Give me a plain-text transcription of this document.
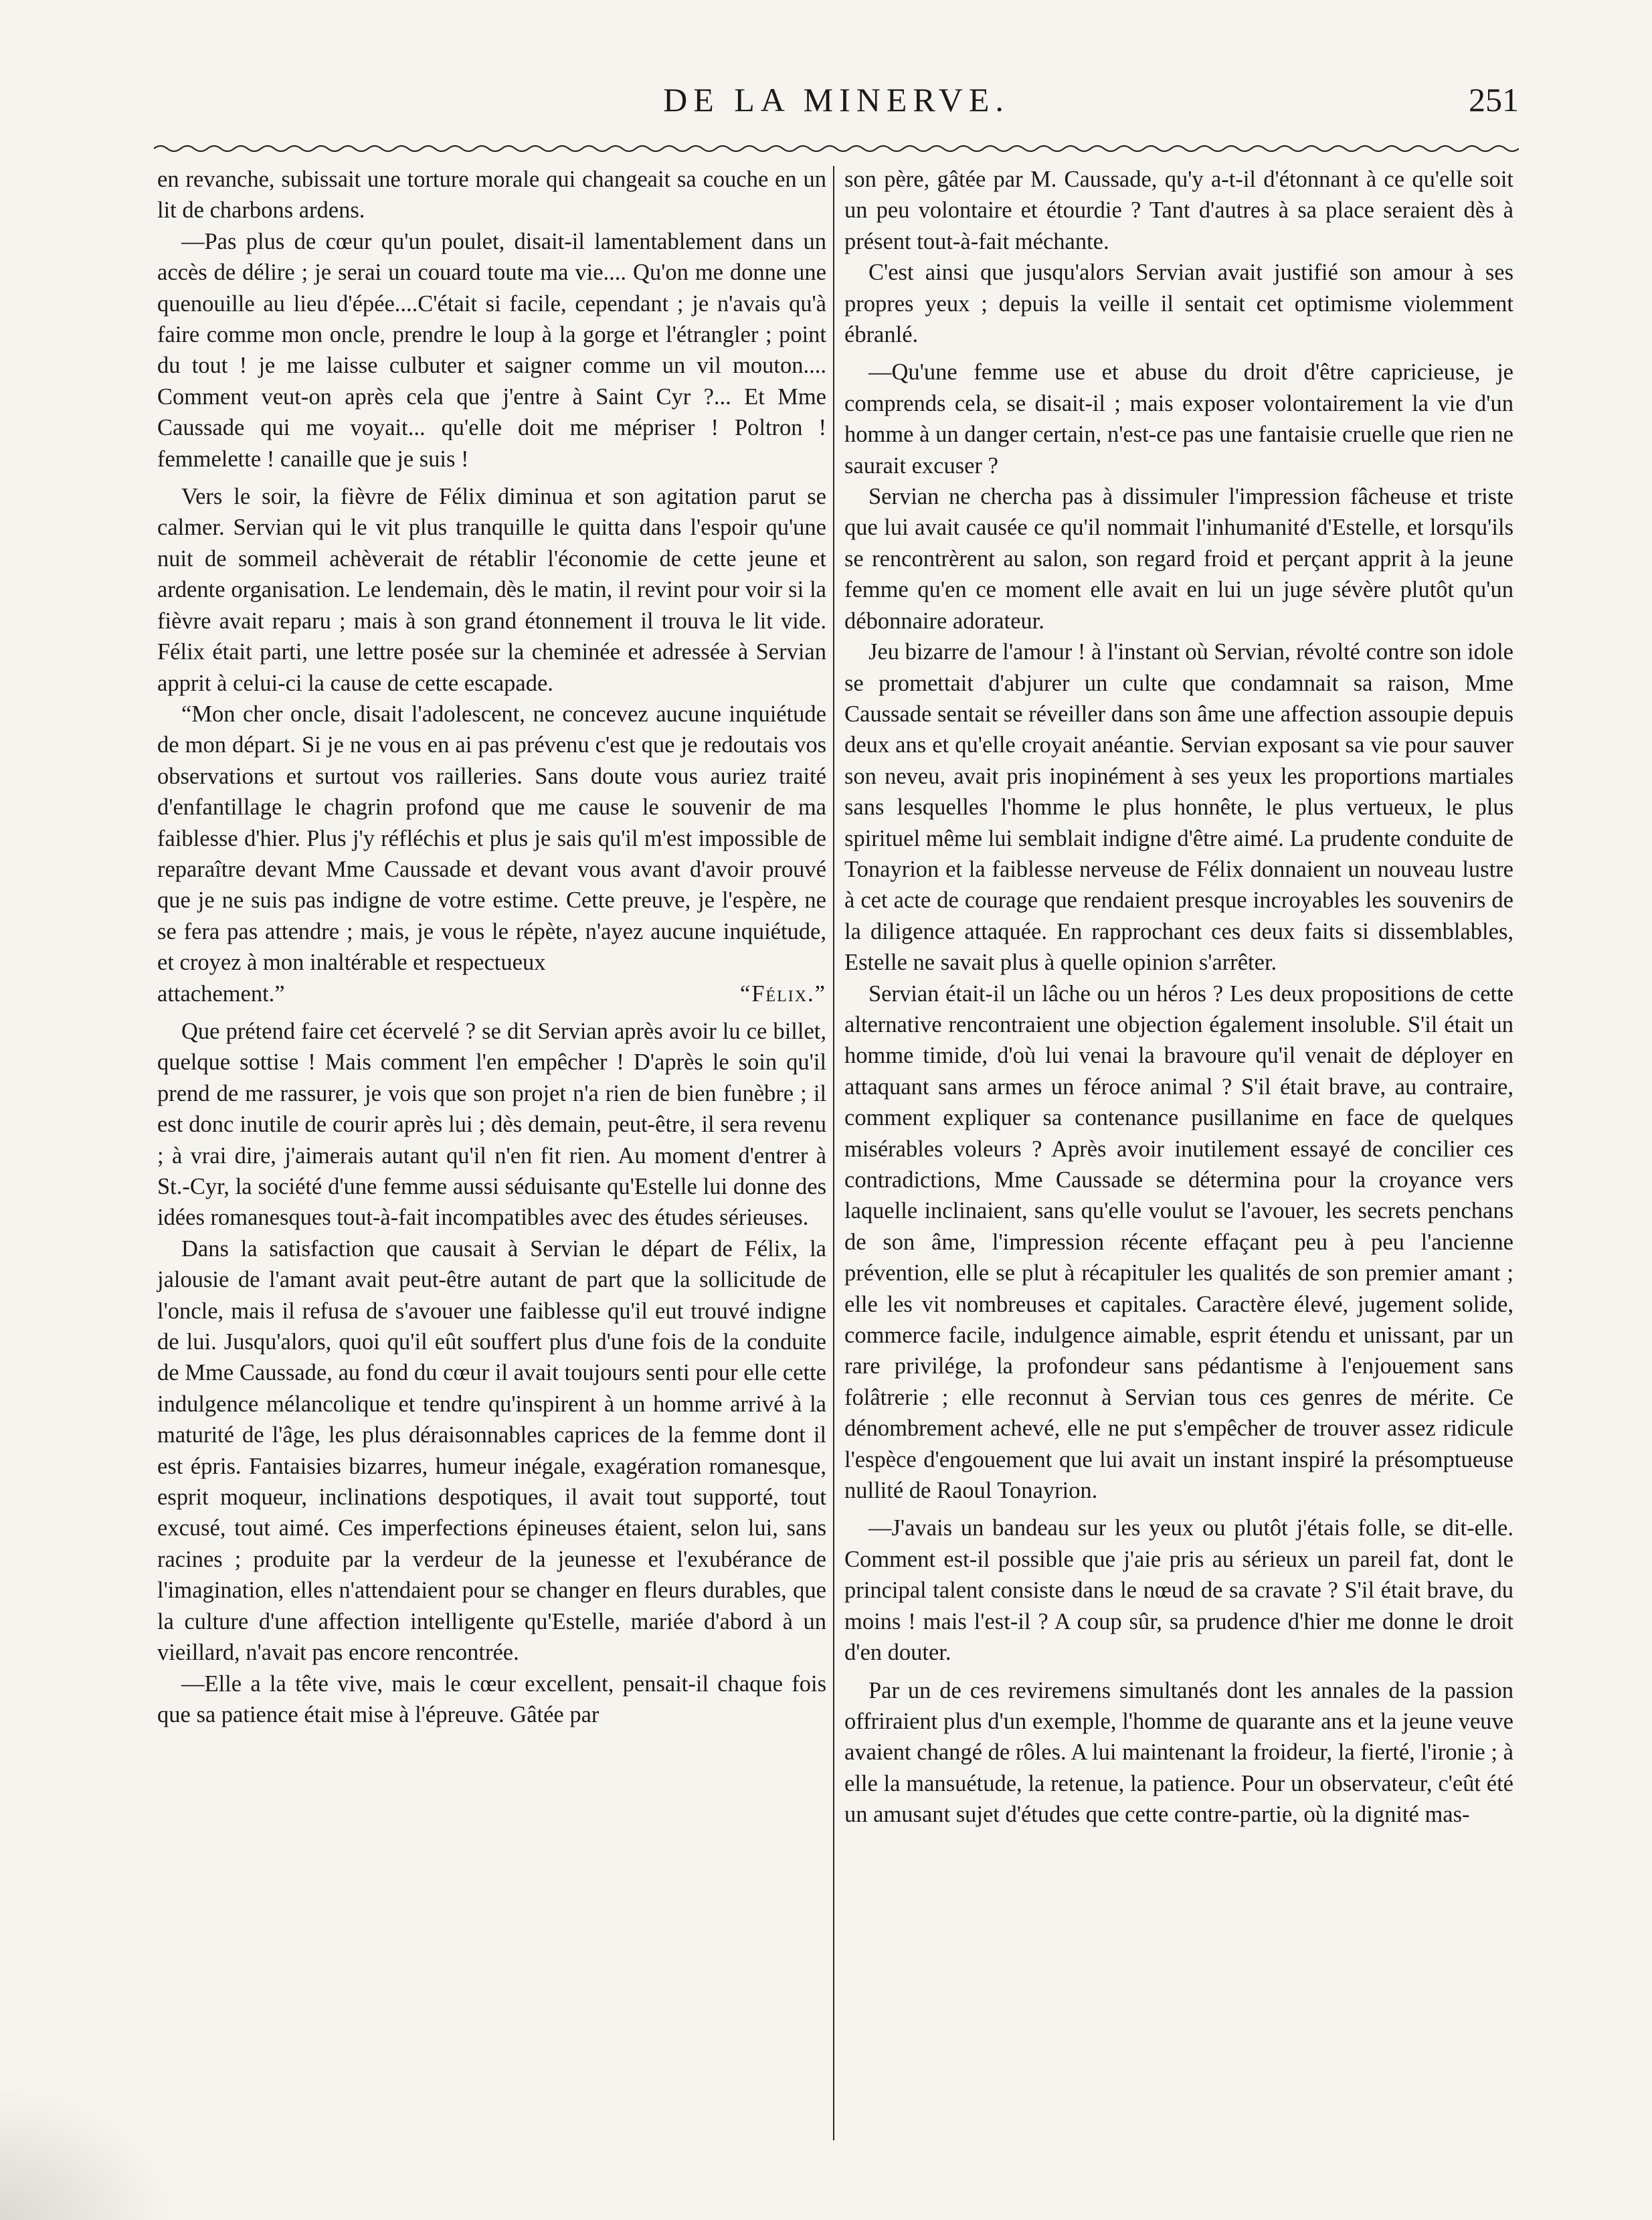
DE LA MINERVE.	251

en revanche, subissait une torture morale qui changeait sa couche en un lit de charbons ardens.

—Pas plus de cœur qu'un poulet, disait-il lamentablement dans un accès de délire ; je serai un couard toute ma vie.... Qu'on me donne une quenouille au lieu d'épée....C'était si facile, cependant ; je n'avais qu'à faire comme mon oncle, prendre le loup à la gorge et l'étrangler ; point du tout ! je me laisse culbuter et saigner comme un vil mouton.... Comment veut-on après cela que j'entre à Saint Cyr ?... Et Mme Caussade qui me voyait... qu'elle doit me mépriser ! Poltron ! femmelette ! canaille que je suis !

Vers le soir, la fièvre de Félix diminua et son agitation parut se calmer. Servian qui le vit plus tranquille le quitta dans l'espoir qu'une nuit de sommeil achèverait de rétablir l'économie de cette jeune et ardente organisation. Le lendemain, dès le matin, il revint pour voir si la fièvre avait reparu ; mais à son grand étonnement il trouva le lit vide. Félix était parti, une lettre posée sur la cheminée et adressée à Servian apprit à celui-ci la cause de cette escapade.

“Mon cher oncle, disait l'adolescent, ne concevez aucune inquiétude de mon départ. Si je ne vous en ai pas prévenu c'est que je redoutais vos observations et surtout vos railleries. Sans doute vous auriez traité d'enfantillage le chagrin profond que me cause le souvenir de ma faiblesse d'hier. Plus j'y réfléchis et plus je sais qu'il m'est impossible de reparaître devant Mme Caussade et devant vous avant d'avoir prouvé que je ne suis pas indigne de votre estime. Cette preuve, je l'espère, ne se fera pas attendre ; mais, je vous le répète, n'ayez aucune inquiétude, et croyez à mon inaltérable et respectueux

attachement.”	“Félix.”

Que prétend faire cet écervelé ? se dit Servian après avoir lu ce billet, quelque sottise ! Mais comment l'en empêcher ! D'après le soin qu'il prend de me rassurer, je vois que son projet n'a rien de bien funèbre ; il est donc inutile de courir après lui ; dès demain, peut-être, il sera revenu ; à vrai dire, j'aimerais autant qu'il n'en fit rien. Au moment d'entrer à St.-Cyr, la société d'une femme aussi séduisante qu'Estelle lui donne des idées romanesques tout-à-fait incompatibles avec des études sérieuses.

Dans la satisfaction que causait à Servian le départ de Félix, la jalousie de l'amant avait peut-être autant de part que la sollicitude de l'oncle, mais il refusa de s'avouer une faiblesse qu'il eut trouvé indigne de lui. Jusqu'alors, quoi qu'il eût souffert plus d'une fois de la conduite de Mme Caussade, au fond du cœur il avait toujours senti pour elle cette indulgence mélancolique et tendre qu'inspirent à un homme arrivé à la maturité de l'âge, les plus déraisonnables caprices de la femme dont il est épris. Fantaisies bizarres, humeur inégale, exagération romanesque, esprit moqueur, inclinations despotiques, il avait tout supporté, tout excusé, tout aimé. Ces imperfections épineuses étaient, selon lui, sans racines ; produite par la verdeur de la jeunesse et l'exubérance de l'imagination, elles n'attendaient pour se changer en fleurs durables, que la culture d'une affection intelligente qu'Estelle, mariée d'abord à un vieillard, n'avait pas encore rencontrée.

—Elle a la tête vive, mais le cœur excellent, pensait-il chaque fois que sa patience était mise à l'épreuve. Gâtée par

son père, gâtée par M. Caussade, qu'y a-t-il d'étonnant à ce qu'elle soit un peu volontaire et étourdie ? Tant d'autres à sa place seraient dès à présent tout-à-fait méchante.

C'est ainsi que jusqu'alors Servian avait justifié son amour à ses propres yeux ; depuis la veille il sentait cet optimisme violemment ébranlé.

—Qu'une femme use et abuse du droit d'être capricieuse, je comprends cela, se disait-il ; mais exposer volontairement la vie d'un homme à un danger certain, n'est-ce pas une fantaisie cruelle que rien ne saurait excuser ?

Servian ne chercha pas à dissimuler l'impression fâcheuse et triste que lui avait causée ce qu'il nommait l'inhumanité d'Estelle, et lorsqu'ils se rencontrèrent au salon, son regard froid et perçant apprit à la jeune femme qu'en ce moment elle avait en lui un juge sévère plutôt qu'un débonnaire adorateur.

Jeu bizarre de l'amour ! à l'instant où Servian, révolté contre son idole se promettait d'abjurer un culte que condamnait sa raison, Mme Caussade sentait se réveiller dans son âme une affection assoupie depuis deux ans et qu'elle croyait anéantie. Servian exposant sa vie pour sauver son neveu, avait pris inopinément à ses yeux les proportions martiales sans lesquelles l'homme le plus honnête, le plus vertueux, le plus spirituel même lui semblait indigne d'être aimé. La prudente conduite de Tonayrion et la faiblesse nerveuse de Félix donnaient un nouveau lustre à cet acte de courage que rendaient presque incroyables les souvenirs de la diligence attaquée. En rapprochant ces deux faits si dissemblables, Estelle ne savait plus à quelle opinion s'arrêter.

Servian était-il un lâche ou un héros ? Les deux propositions de cette alternative rencontraient une objection également insoluble. S'il était un homme timide, d'où lui venai la bravoure qu'il venait de déployer en attaquant sans armes un féroce animal ? S'il était brave, au contraire, comment expliquer sa contenance pusillanime en face de quelques misérables voleurs ? Après avoir inutilement essayé de concilier ces contradictions, Mme Caussade se détermina pour la croyance vers laquelle inclinaient, sans qu'elle voulut se l'avouer, les secrets penchans de son âme, l'impression récente effaçant peu à peu l'ancienne prévention, elle se plut à récapituler les qualités de son premier amant ; elle les vit nombreuses et capitales. Caractère élevé, jugement solide, commerce facile, indulgence aimable, esprit étendu et unissant, par un rare privilége, la profondeur sans pédantisme à l'enjouement sans folâtrerie ; elle reconnut à Servian tous ces genres de mérite. Ce dénombrement achevé, elle ne put s'empêcher de trouver assez ridicule l'espèce d'engouement que lui avait un instant inspiré la présomptueuse nullité de Raoul Tonayrion.

—J'avais un bandeau sur les yeux ou plutôt j'étais folle, se dit-elle. Comment est-il possible que j'aie pris au sérieux un pareil fat, dont le principal talent consiste dans le nœud de sa cravate ? S'il était brave, du moins ! mais l'est-il ? A coup sûr, sa prudence d'hier me donne le droit d'en douter.

Par un de ces reviremens simultanés dont les annales de la passion offriraient plus d'un exemple, l'homme de quarante ans et la jeune veuve avaient changé de rôles. A lui maintenant la froideur, la fierté, l'ironie ; à elle la mansuétude, la retenue, la patience. Pour un observateur, c'eût été un amusant sujet d'études que cette contre-partie, où la dignité mas-
